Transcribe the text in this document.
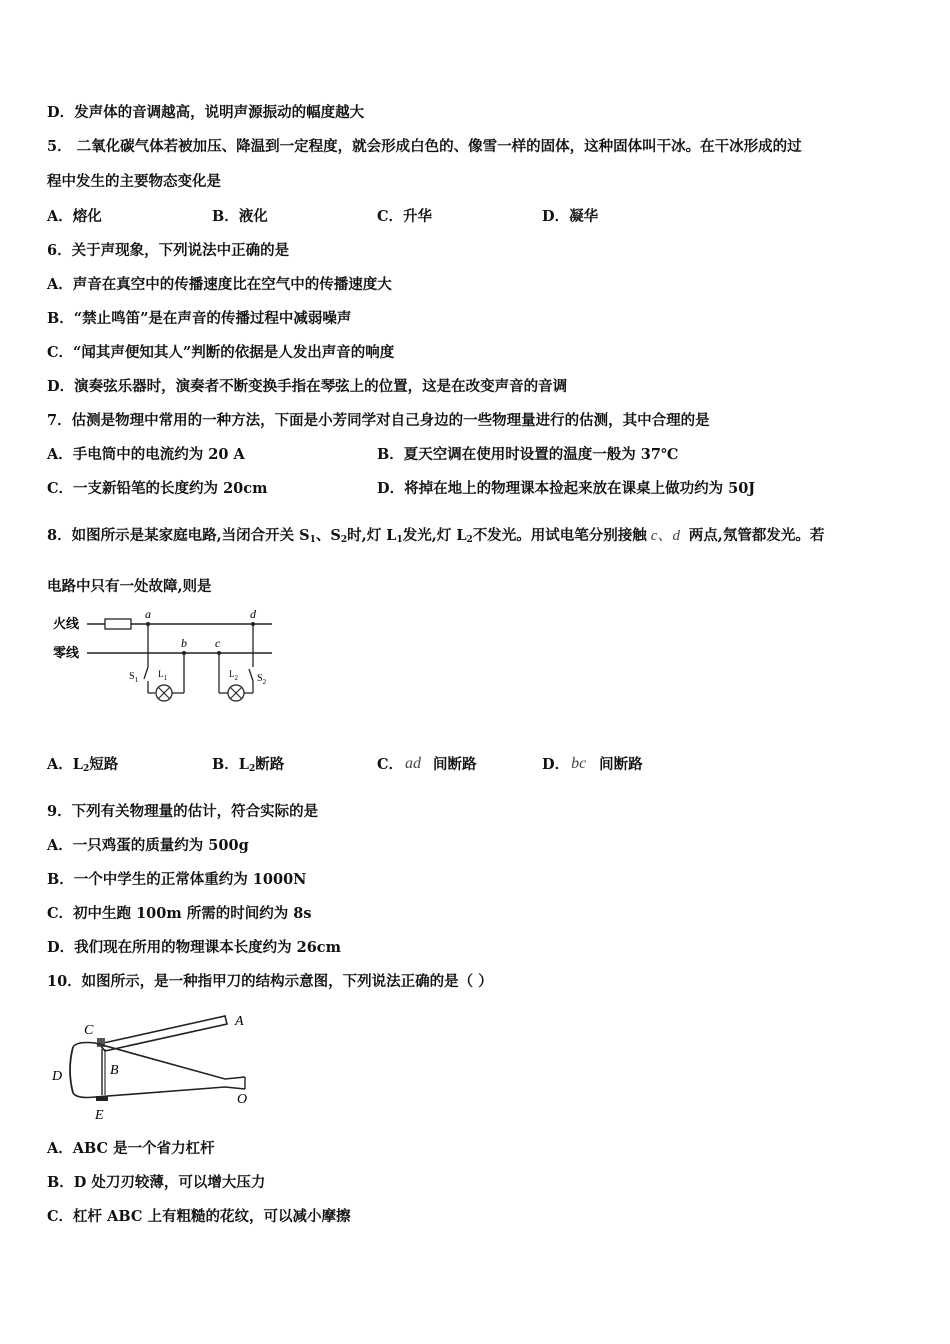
D．发声体的音调越高，说明声源振动的幅度越大
5． 二氧化碳气体若被加压、降温到一定程度，就会形成白色的、像雪一样的固体，这种固体叫干冰。在干冰形成的过
程中发生的主要物态变化是
A．熔化	B．液化	C．升华	D．凝华
6．关于声现象，下列说法中正确的是
A．声音在真空中的传播速度比在空气中的传播速度大
B．“禁止鸣笛”是在声音的传播过程中减弱噪声
C．“闻其声便知其人”判断的依据是人发出声音的响度
D．演奏弦乐器时，演奏者不断变换手指在琴弦上的位置，这是在改变声音的音调
7．估测是物理中常用的一种方法，下面是小芳同学对自己身边的一些物理量进行的估测，其中合理的是
A．手电筒中的电流约为 20 A	B．夏天空调在使用时设置的温度一般为 37℃
C．一支新铅笔的长度约为 20cm	D．将掉在地上的物理课本捡起来放在课桌上做功约为 50J
8．如图所示是某家庭电路,当闭合开关 $S_1$、$S_2$时,灯 $L_1$发光,灯 $L_2$不发光。用试电笔分别接触 c、d 两点,氖管都发光。若
电路中只有一处故障,则是
火线
零线
a
$S_1$
$L_1$
b c
$L_2$ $S_2$
d
A．$L_2$短路	B．$L_2$断路	C． ad 间断路	D． bc 间断路
9．下列有关物理量的估计，符合实际的是
A．一只鸡蛋的质量约为 500g
B．一个中学生的正常体重约为 1000N
C．初中生跑 100m 所需的时间约为 8s
D．我们现在所用的物理课本长度约为 26cm
10．如图所示，是一种指甲刀的结构示意图，下列说法正确的是（ ）
C
A
B
D
E
O
A．ABC 是一个省力杠杆
B．D 处刀刃较薄，可以增大压力
C．杠杆 ABC 上有粗糙的花纹，可以减小摩擦
